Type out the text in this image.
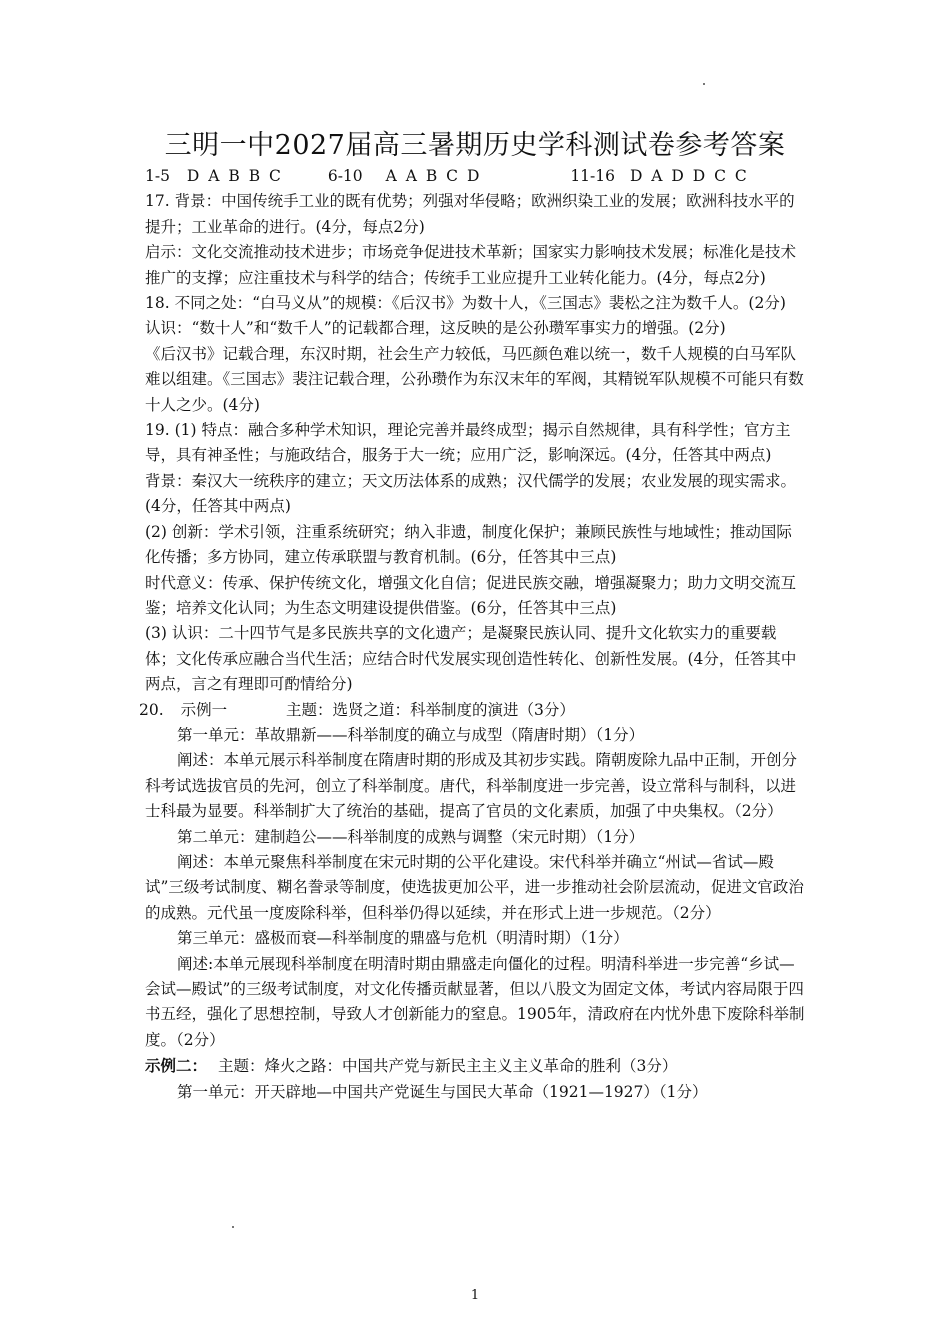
三明一中2027届高三暑期历史学科测试卷参考答案

1-5 D A B B C	6-10 A A B C D	11-16 D A D D C C

17. 背景：中国传统手工业的既有优势；列强对华侵略；欧洲织染工业的发展；欧洲科技水平的提升；工业革命的进行。(4分，每点2分)

启示：文化交流推动技术进步；市场竞争促进技术革新；国家实力影响技术发展；标准化是技术推广的支撑；应注重技术与科学的结合；传统手工业应提升工业转化能力。(4分，每点2分)

18. 不同之处：“白马义从”的规模：《后汉书》为数十人，《三国志》裴松之注为数千人。(2分)

认识：“数十人”和“数千人”的记载都合理，这反映的是公孙瓒军事实力的增强。(2分)

《后汉书》记载合理，东汉时期，社会生产力较低，马匹颜色难以统一，数千人规模的白马军队难以组建。《三国志》裴注记载合理，公孙瓒作为东汉末年的军阀，其精锐军队规模不可能只有数十人之少。(4分)

19. (1) 特点：融合多种学术知识，理论完善并最终成型；揭示自然规律，具有科学性；官方主导，具有神圣性；与施政结合，服务于大一统；应用广泛，影响深远。(4分，任答其中两点)

背景：秦汉大一统秩序的建立；天文历法体系的成熟；汉代儒学的发展；农业发展的现实需求。(4分，任答其中两点)

(2) 创新：学术引领，注重系统研究；纳入非遗，制度化保护；兼顾民族性与地域性；推动国际化传播；多方协同，建立传承联盟与教育机制。(6分，任答其中三点)

时代意义：传承、保护传统文化，增强文化自信；促进民族交融，增强凝聚力；助力文明交流互鉴；培养文化认同；为生态文明建设提供借鉴。(6分，任答其中三点)

(3) 认识：二十四节气是多民族共享的文化遗产；是凝聚民族认同、提升文化软实力的重要载体；文化传承应融合当代生活；应结合时代发展实现创造性转化、创新性发展。(4分，任答其中两点，言之有理即可酌情给分)

20. 示例一	主题：选贤之道：科举制度的演进（3分）

第一单元：革故鼎新——科举制度的确立与成型（隋唐时期）（1分）

阐述：本单元展示科举制度在隋唐时期的形成及其初步实践。隋朝废除九品中正制，开创分科考试选拔官员的先河，创立了科举制度。唐代，科举制度进一步完善，设立常科与制科，以进士科最为显要。科举制扩大了统治的基础，提高了官员的文化素质，加强了中央集权。（2分）

第二单元：建制趋公——科举制度的成熟与调整（宋元时期）（1分）

阐述：本单元聚焦科举制度在宋元时期的公平化建设。宋代科举并确立“州试—省试—殿试”三级考试制度、糊名誊录等制度，使选拔更加公平，进一步推动社会阶层流动，促进文官政治的成熟。元代虽一度废除科举，但科举仍得以延续，并在形式上进一步规范。（2分）

第三单元：盛极而衰—科举制度的鼎盛与危机（明清时期）（1分）

阐述:本单元展现科举制度在明清时期由鼎盛走向僵化的过程。明清科举进一步完善“乡试—会试—殿试”的三级考试制度，对文化传播贡献显著，但以八股文为固定文体，考试内容局限于四书五经，强化了思想控制，导致人才创新能力的窒息。1905年，清政府在内忧外患下废除科举制度。（2分）

示例二： 主题：烽火之路：中国共产党与新民主主义主义革命的胜利（3分）

第一单元：开天辟地—中国共产党诞生与国民大革命（1921—1927）（1分）

1
